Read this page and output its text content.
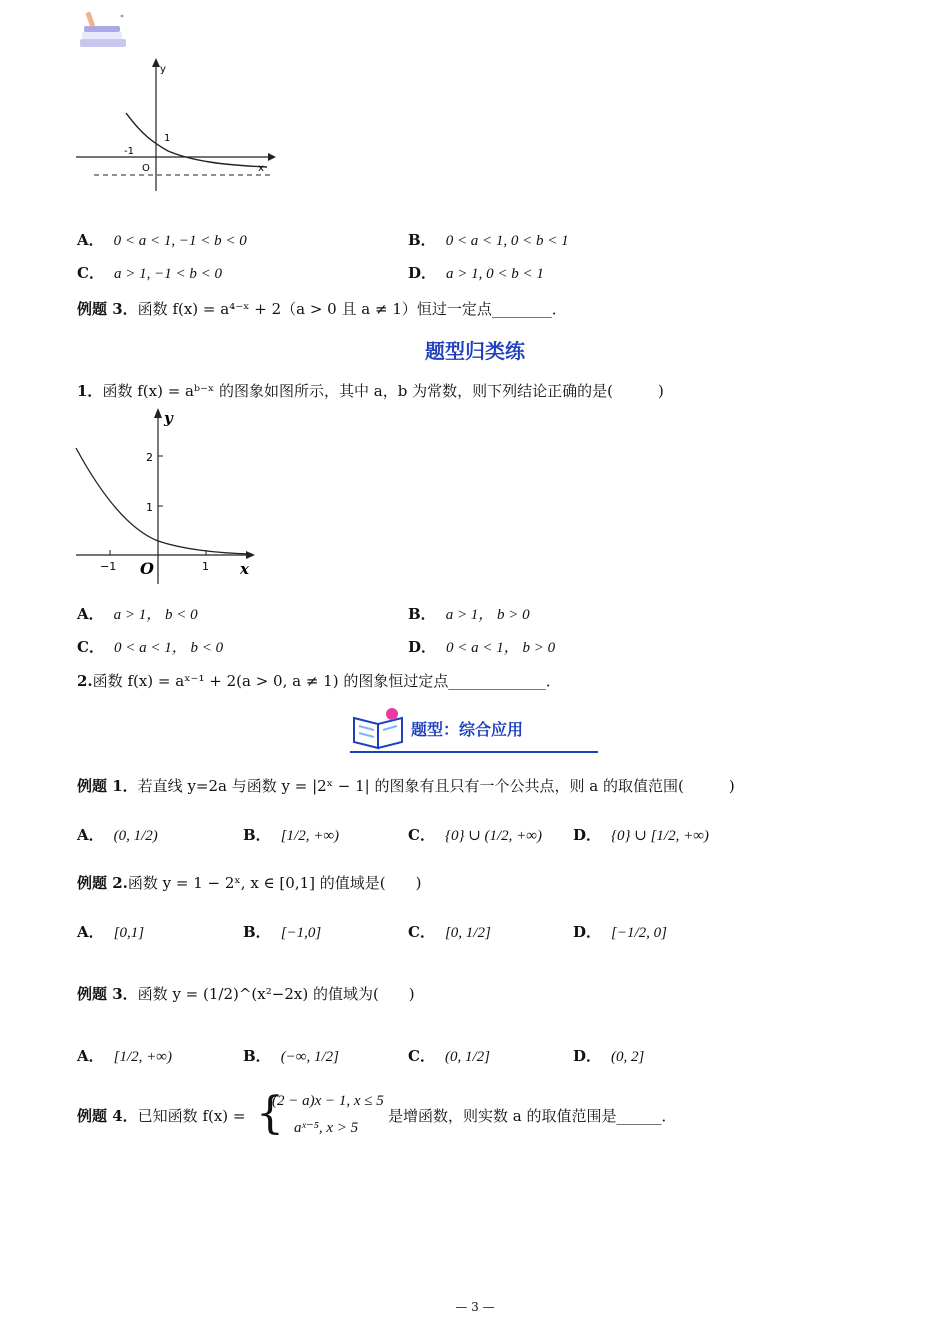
y
x
1
-1
O
A． 0 < a < 1, −1 < b < 0	B． 0 < a < 1, 0 < b < 1
C． a > 1, −1 < b < 0	D． a > 1, 0 < b < 1
例题 3．函数 f(x) = a⁴⁻ˣ + 2（a > 0 且 a ≠ 1）恒过一定点________．
题型归类练
1．函数 f(x) = aᵇ⁻ˣ 的图象如图所示，其中 a，b 为常数，则下列结论正确的是(　　　)
y
x
2
1
−1	1
O
A． a > 1， b < 0	B． a > 1， b > 0
C． 0 < a < 1， b < 0	D． 0 < a < 1， b > 0
2.函数 f(x) = aˣ⁻¹ + 2(a > 0, a ≠ 1) 的图象恒过定点_____________．
题型：综合应用
例题 1．若直线 y=2a 与函数 y = |2ˣ − 1| 的图象有且只有一个公共点，则 a 的取值范围(　　　)
A． (0, 1/2)	B． [1/2, +∞)	C． {0} ∪ (1/2, +∞) D． {0} ∪ [1/2, +∞)
例题 2.函数 y = 1 − 2ˣ, x ∈ [0,1] 的值域是(　　)
A． [0,1]	B． [−1,0]	C． [0, 1/2]	D． [−1/2, 0]
例题 3．函数 y = (1/2)^(x²−2x) 的值域为(　　)
A． [1/2, +∞)	B． (−∞, 1/2]	C． (0, 1/2]	D． (0, 2]
例题 4．已知函数 f(x) = {
(2 − a)x − 1, x ≤ 5
aˣ⁻⁵, x > 5
是增函数，则实数 a 的取值范围是______．
— 3 —
